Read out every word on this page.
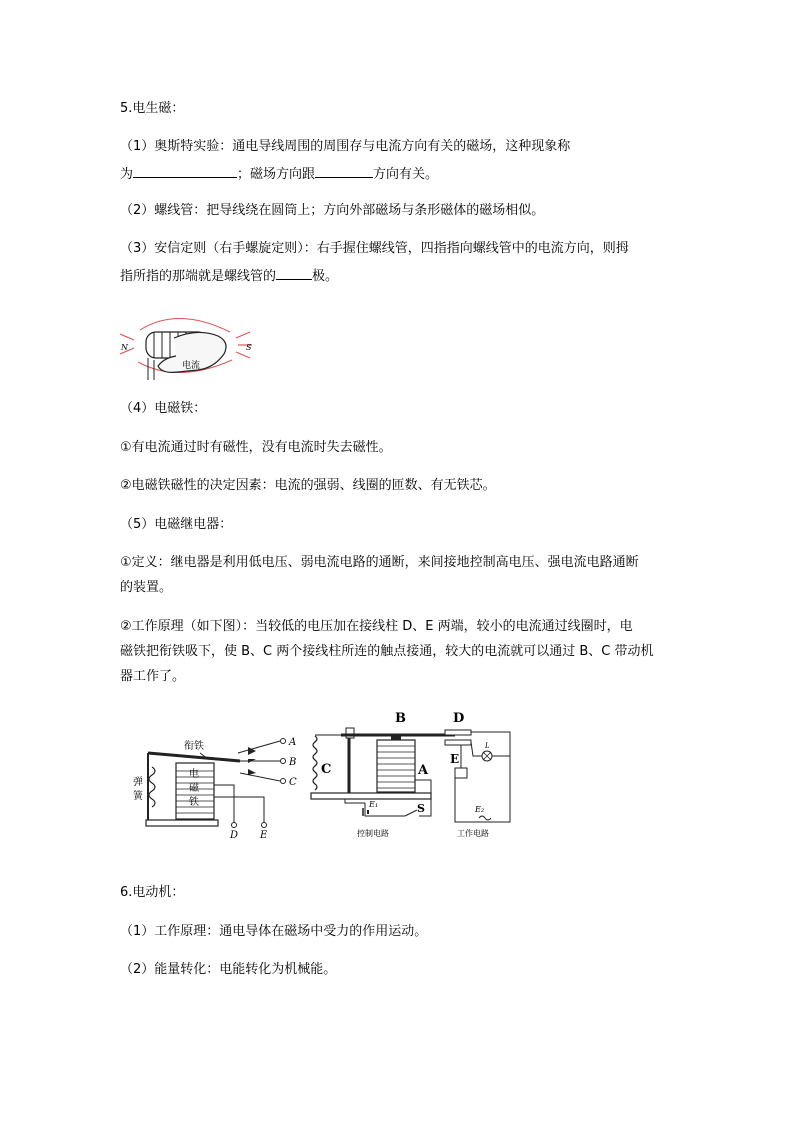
5.电生磁：
（1）奥斯特实验：通电导线周围的周围存与电流方向有关的磁场，这种现象称
为	；磁场方向跟	方向有关。
（2）螺线管：把导线绕在圆筒上；方向外部磁场与条形磁体的磁场相似。
（3）安信定则（右手螺旋定则）：右手握住螺线管，四指指向螺线管中的电流方向，则拇
指所指的那端就是螺线管的	极。
N	S
电流
（4）电磁铁：
①有电流通过时有磁性，没有电流时失去磁性。
②电磁铁磁性的决定因素：电流的强弱、线圈的匝数、有无铁芯。
（5）电磁继电器：
①定义：继电器是利用低电压、弱电流电路的通断，来间接地控制高电压、强电流电路通断
的装置。
②工作原理（如下图）：当较低的电压加在接线柱 D、E 两端，较小的电流通过线圈时，电
磁铁把衔铁吸下，使 B、C 两个接线柱所连的触点接通，较大的电流就可以通过 B、C 带动机
器工作了。
A
B
C
D E
衔铁
弹
簧
电
磁
铁
B	D
C	A
E
S
E₁
E₂
L
控制电路	工作电路
6.电动机：
（1）工作原理：通电导体在磁场中受力的作用运动。
（2）能量转化：电能转化为机械能。
